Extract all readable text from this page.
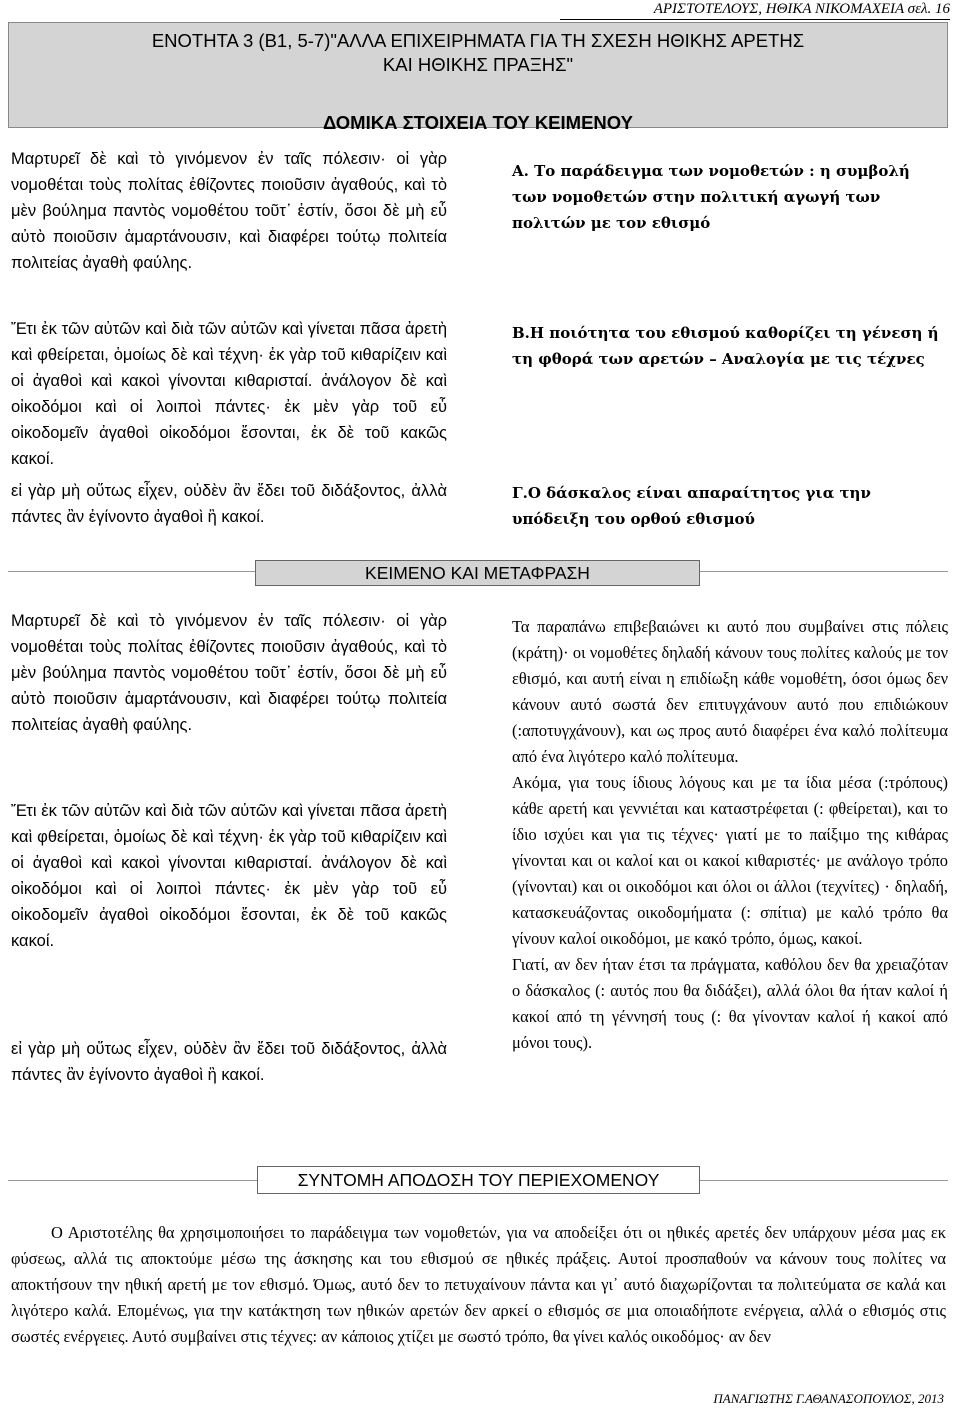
ΑΡΙΣΤΟΤΕΛΟΥΣ, ΗΘΙΚΑ ΝΙΚΟΜΑΧΕΙΑ σελ. 16
ΕΝΟΤΗΤΑ 3 (Β1, 5-7)"ΑΛΛΑ ΕΠΙΧΕΙΡΗΜΑΤΑ ΓΙΑ ΤΗ ΣΧΕΣΗ ΗΘΙΚΗΣ ΑΡΕΤΗΣ
ΚΑΙ ΗΘΙΚΗΣ ΠΡΑΞΗΣ"
ΔΟΜΙΚΑ ΣΤΟΙΧΕΙΑ ΤΟΥ ΚΕΙΜΕΝΟΥ

Μαρτυρεῖ δὲ καὶ τὸ γινόμενον ἐν ταῖς πόλεσιν· οἱ γὰρ νομοθέται τοὺς πολίτας ἐθίζοντες ποιοῦσιν ἀγαθούς, καὶ τὸ μὲν βούλημα παντὸς νομοθέτου τοῦτ᾽ ἐστίν, ὅσοι δὲ μὴ εὖ αὐτὸ ποιοῦσιν ἁμαρτάνουσιν, καὶ διαφέρει τούτῳ πολιτεία πολιτείας ἀγαθὴ φαύλης.

Ἔτι ἐκ τῶν αὐτῶν καὶ διὰ τῶν αὐτῶν καὶ γίνεται πᾶσα ἀρετὴ καὶ φθείρεται, ὁμοίως δὲ καὶ τέχνη· ἐκ γὰρ τοῦ κιθαρίζειν καὶ οἱ ἀγαθοὶ καὶ κακοὶ γίνονται κιθαρισταί. ἀνάλογον δὲ καὶ οἰκοδόμοι καὶ οἱ λοιποὶ πάντες· ἐκ μὲν γὰρ τοῦ εὖ οἰκοδομεῖν ἀγαθοὶ οἰκοδόμοι ἔσονται, ἐκ δὲ τοῦ κακῶς κακοί.

εἰ γὰρ μὴ οὕτως εἶχεν, οὐδὲν ἂν ἔδει τοῦ διδάξοντος, ἀλλὰ πάντες ἂν ἐγίνοντο ἀγαθοὶ ἢ κακοί.

Α. Το παράδειγμα των νομοθετών : η συμβολή των νομοθετών στην πολιτική αγωγή των πολιτών με τον εθισμό

Β.Η ποιότητα του εθισμού καθορίζει τη γένεση ή τη φθορά των αρετών – Αναλογία με τις τέχνες

Γ.Ο δάσκαλος είναι απαραίτητος για την υπόδειξη του ορθού εθισμού

ΚΕΙΜΕΝΟ ΚΑΙ ΜΕΤΑΦΡΑΣΗ

Μαρτυρεῖ δὲ καὶ τὸ γινόμενον ἐν ταῖς πόλεσιν· οἱ γὰρ νομοθέται τοὺς πολίτας ἐθίζοντες ποιοῦσιν ἀγαθούς, καὶ τὸ μὲν βούλημα παντὸς νομοθέτου τοῦτ᾽ ἐστίν, ὅσοι δὲ μὴ εὖ αὐτὸ ποιοῦσιν ἁμαρτάνουσιν, καὶ διαφέρει τούτῳ πολιτεία πολιτείας ἀγαθὴ φαύλης.

Ἔτι ἐκ τῶν αὐτῶν καὶ διὰ τῶν αὐτῶν καὶ γίνεται πᾶσα ἀρετὴ καὶ φθείρεται, ὁμοίως δὲ καὶ τέχνη· ἐκ γὰρ τοῦ κιθαρίζειν καὶ οἱ ἀγαθοὶ καὶ κακοὶ γίνονται κιθαρισταί. ἀνάλογον δὲ καὶ οἰκοδόμοι καὶ οἱ λοιποὶ πάντες· ἐκ μὲν γὰρ τοῦ εὖ οἰκοδομεῖν ἀγαθοὶ οἰκοδόμοι ἔσονται, ἐκ δὲ τοῦ κακῶς κακοί.

εἰ γὰρ μὴ οὕτως εἶχεν, οὐδὲν ἂν ἔδει τοῦ διδάξοντος, ἀλλὰ πάντες ἂν ἐγίνοντο ἀγαθοὶ ἢ κακοί.

Τα παραπάνω επιβεβαιώνει κι αυτό που συμβαίνει στις πόλεις (κράτη)· οι νομοθέτες δηλαδή κάνουν τους πολίτες καλούς με τον εθισμό, και αυτή είναι η επιδίωξη κάθε νομοθέτη, όσοι όμως δεν κάνουν αυτό σωστά δεν επιτυγχάνουν αυτό που επιδιώκουν (:αποτυγχάνουν), και ως προς αυτό διαφέρει ένα καλό πολίτευμα από ένα λιγότερο καλό πολίτευμα.

Ακόμα, για τους ίδιους λόγους και με τα ίδια μέσα (:τρόπους) κάθε αρετή και γεννιέται και καταστρέφεται (: φθείρεται), και το ίδιο ισχύει και για τις τέχνες· γιατί με το παίξιμο της κιθάρας γίνονται και οι καλοί και οι κακοί κιθαριστές· με ανάλογο τρόπο (γίνονται) και οι οικοδόμοι και όλοι οι άλλοι (τεχνίτες) · δηλαδή, κατασκευάζοντας οικοδομήματα (: σπίτια) με καλό τρόπο θα γίνουν καλοί οικοδόμοι, με κακό τρόπο, όμως, κακοί.

Γιατί, αν δεν ήταν έτσι τα πράγματα, καθόλου δεν θα χρειαζόταν ο δάσκαλος (: αυτός που θα διδάξει), αλλά όλοι θα ήταν καλοί ή κακοί από τη γέννησή τους (: θα γίνονταν καλοί ή κακοί από μόνοι τους).

ΣΥΝΤΟΜΗ ΑΠΟΔΟΣΗ ΤΟΥ ΠΕΡΙΕΧΟΜΕΝΟΥ

Ο Αριστοτέλης θα χρησιμοποιήσει το παράδειγμα των νομοθετών, για να αποδείξει ότι οι ηθικές αρετές δεν υπάρχουν μέσα μας εκ φύσεως, αλλά τις αποκτούμε μέσω της άσκησης και του εθισμού σε ηθικές πράξεις. Αυτοί προσπαθούν να κάνουν τους πολίτες να αποκτήσουν την ηθική αρετή με τον εθισμό. Όμως, αυτό δεν το πετυχαίνουν πάντα και γι᾽ αυτό διαχωρίζονται τα πολιτεύματα σε καλά και λιγότερο καλά. Επομένως, για την κατάκτηση των ηθικών αρετών δεν αρκεί ο εθισμός σε μια οποιαδήποτε ενέργεια, αλλά ο εθισμός στις σωστές ενέργειες. Αυτό συμβαίνει στις τέχνες: αν κάποιος χτίζει με σωστό τρόπο, θα γίνει καλός οικοδόμος· αν δεν

ΠΑΝΑΓΙΩΤΗΣ Γ.ΑΘΑΝΑΣΟΠΟΥΛΟΣ, 2013
